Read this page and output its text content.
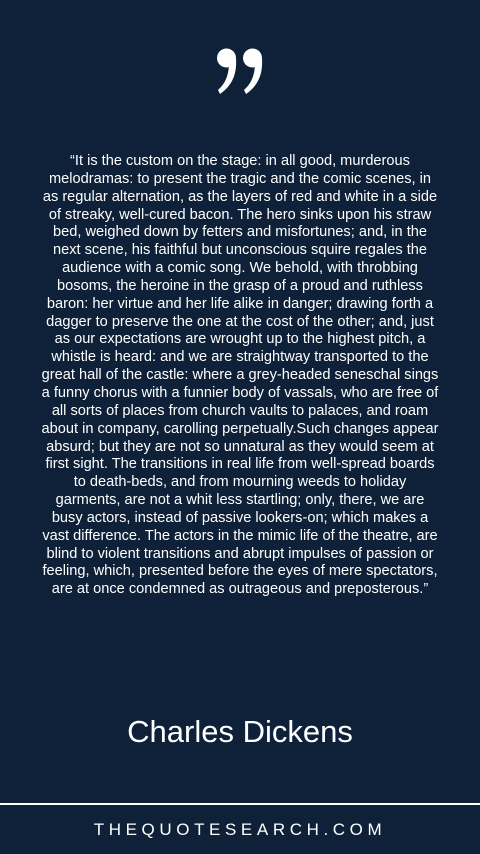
“It is the custom on the stage: in all good, murderous melodramas: to present the tragic and the comic scenes, in as regular alternation, as the layers of red and white in a side of streaky, well-cured bacon. The hero sinks upon his straw bed, weighed down by fetters and misfortunes; and, in the next scene, his faithful but unconscious squire regales the audience with a comic song. We behold, with throbbing bosoms, the heroine in the grasp of a proud and ruthless baron: her virtue and her life alike in danger; drawing forth a dagger to preserve the one at the cost of the other; and, just as our expectations are wrought up to the highest pitch, a whistle is heard: and we are straightway transported to the great hall of the castle: where a grey-headed seneschal sings a funny chorus with a funnier body of vassals, who are free of all sorts of places from church vaults to palaces, and roam about in company, carolling perpetually.Such changes appear absurd; but they are not so unnatural as they would seem at first sight. The transitions in real life from well-spread boards to death-beds, and from mourning weeds to holiday garments, are not a whit less startling; only, there, we are busy actors, instead of passive lookers-on; which makes a vast difference. The actors in the mimic life of the theatre, are blind to violent transitions and abrupt impulses of passion or feeling, which, presented before the eyes of mere spectators, are at once condemned as outrageous and preposterous.”

Charles Dickens
THEQUOTESEARCH.COM
